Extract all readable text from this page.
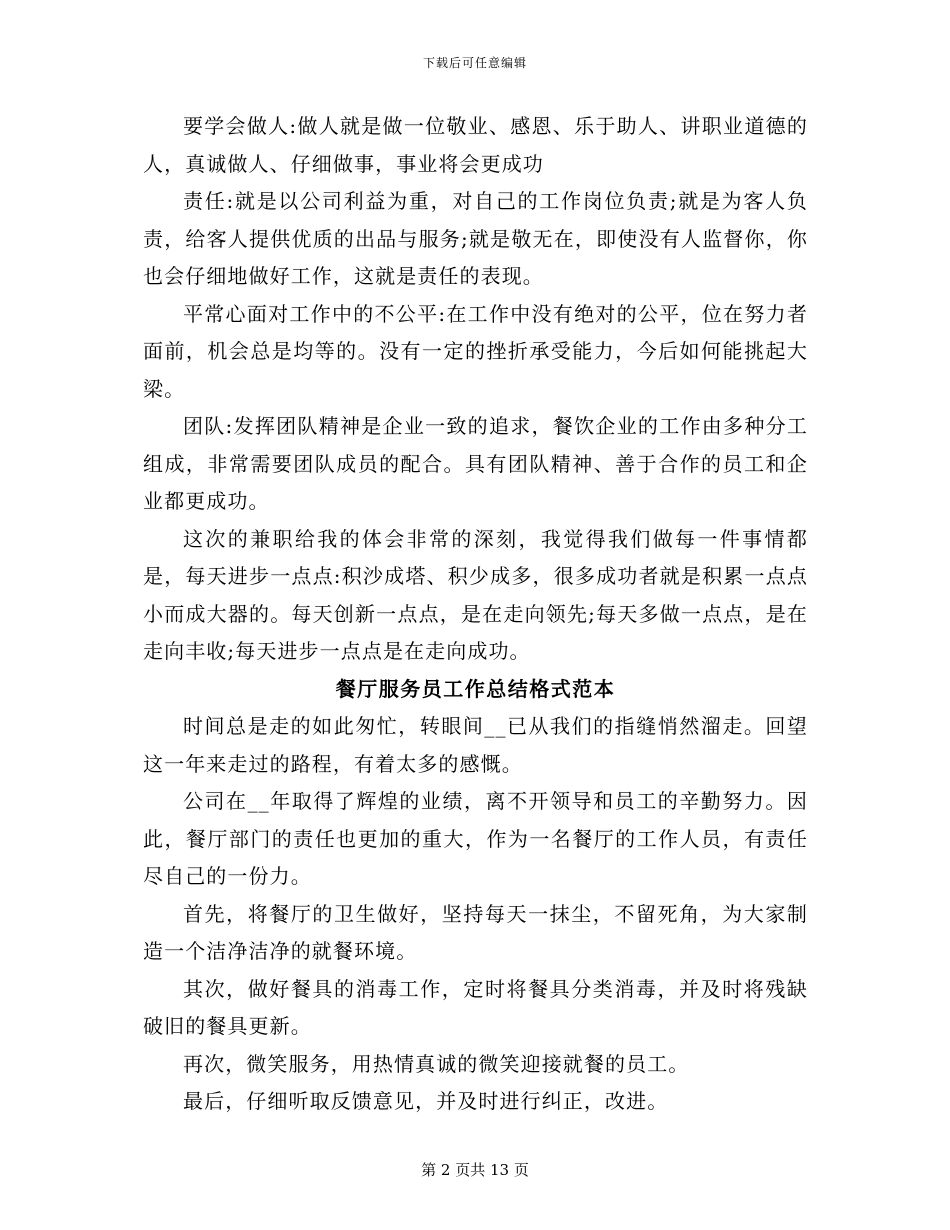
下载后可任意编辑

要学会做人:做人就是做一位敬业、感恩、乐于助人、讲职业道德的人，真诚做人、仔细做事，事业将会更成功

责任:就是以公司利益为重，对自己的工作岗位负责;就是为客人负责，给客人提供优质的出品与服务;就是敬无在，即使没有人监督你，你也会仔细地做好工作，这就是责任的表现。

平常心面对工作中的不公平:在工作中没有绝对的公平，位在努力者面前，机会总是均等的。没有一定的挫折承受能力，今后如何能挑起大梁。

团队:发挥团队精神是企业一致的追求，餐饮企业的工作由多种分工组成，非常需要团队成员的配合。具有团队精神、善于合作的员工和企业都更成功。

这次的兼职给我的体会非常的深刻，我觉得我们做每一件事情都是，每天进步一点点:积沙成塔、积少成多，很多成功者就是积累一点点小而成大器的。每天创新一点点，是在走向领先;每天多做一点点，是在走向丰收;每天进步一点点是在走向成功。

餐厅服务员工作总结格式范本

时间总是走的如此匆忙，转眼间__已从我们的指缝悄然溜走。回望这一年来走过的路程，有着太多的感慨。

公司在__年取得了辉煌的业绩，离不开领导和员工的辛勤努力。因此，餐厅部门的责任也更加的重大，作为一名餐厅的工作人员，有责任尽自己的一份力。

首先，将餐厅的卫生做好，坚持每天一抹尘，不留死角，为大家制造一个洁净洁净的就餐环境。

其次，做好餐具的消毒工作，定时将餐具分类消毒，并及时将残缺破旧的餐具更新。

再次，微笑服务，用热情真诚的微笑迎接就餐的员工。

最后，仔细听取反馈意见，并及时进行纠正，改进。

第 2 页共 13 页
